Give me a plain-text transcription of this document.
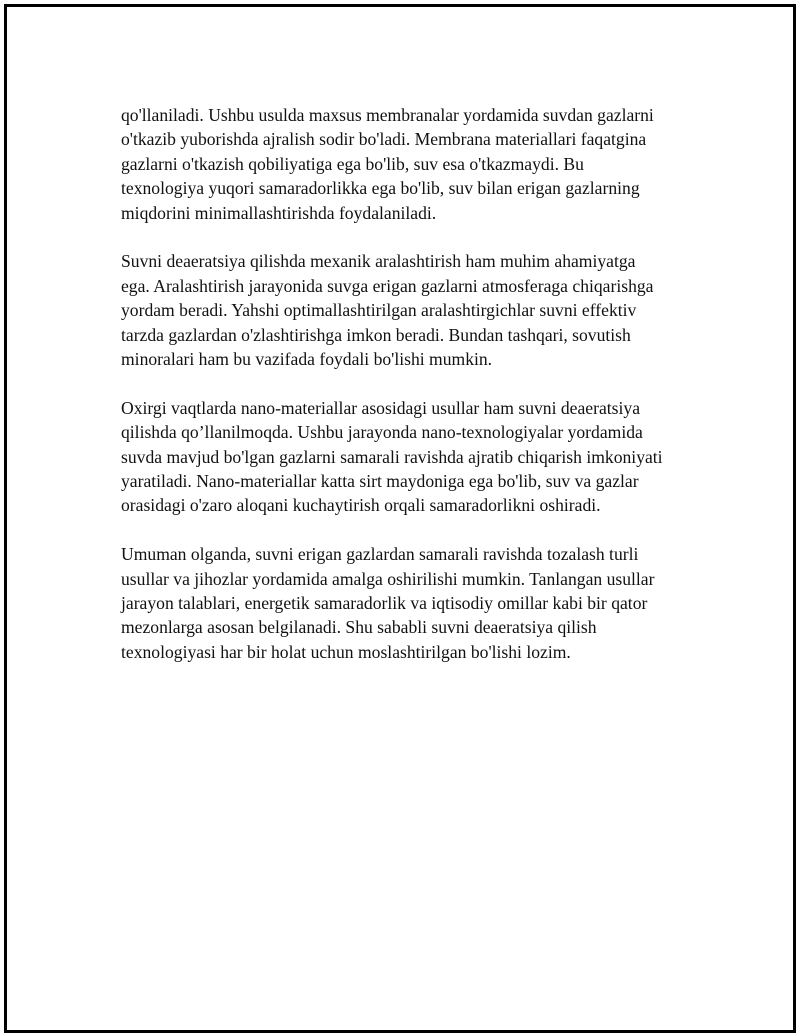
qo'llaniladi. Ushbu usulda maxsus membranalar yordamida suvdan gazlarni
o'tkazib yuborishda ajralish sodir bo'ladi. Membrana materiallari faqatgina
gazlarni o'tkazish qobiliyatiga ega bo'lib, suv esa o'tkazmaydi. Bu
texnologiya yuqori samaradorlikka ega bo'lib, suv bilan erigan gazlarning
miqdorini minimallashtirishda foydalaniladi.

Suvni deaeratsiya qilishda mexanik aralashtirish ham muhim ahamiyatga
ega. Aralashtirish jarayonida suvga erigan gazlarni atmosferaga chiqarishga
yordam beradi. Yahshi optimallashtirilgan aralashtirgichlar suvni effektiv
tarzda gazlardan o'zlashtirishga imkon beradi. Bundan tashqari, sovutish
minoralari ham bu vazifada foydali bo'lishi mumkin.

Oxirgi vaqtlarda nano-materiallar asosidagi usullar ham suvni deaeratsiya
qilishda qo’llanilmoqda. Ushbu jarayonda nano-texnologiyalar yordamida
suvda mavjud bo'lgan gazlarni samarali ravishda ajratib chiqarish imkoniyati
yaratiladi. Nano-materiallar katta sirt maydoniga ega bo'lib, suv va gazlar
orasidagi o'zaro aloqani kuchaytirish orqali samaradorlikni oshiradi.

Umuman olganda, suvni erigan gazlardan samarali ravishda tozalash turli
usullar va jihozlar yordamida amalga oshirilishi mumkin. Tanlangan usullar
jarayon talablari, energetik samaradorlik va iqtisodiy omillar kabi bir qator
mezonlarga asosan belgilanadi. Shu sababli suvni deaeratsiya qilish
texnologiyasi har bir holat uchun moslashtirilgan bo'lishi lozim.
